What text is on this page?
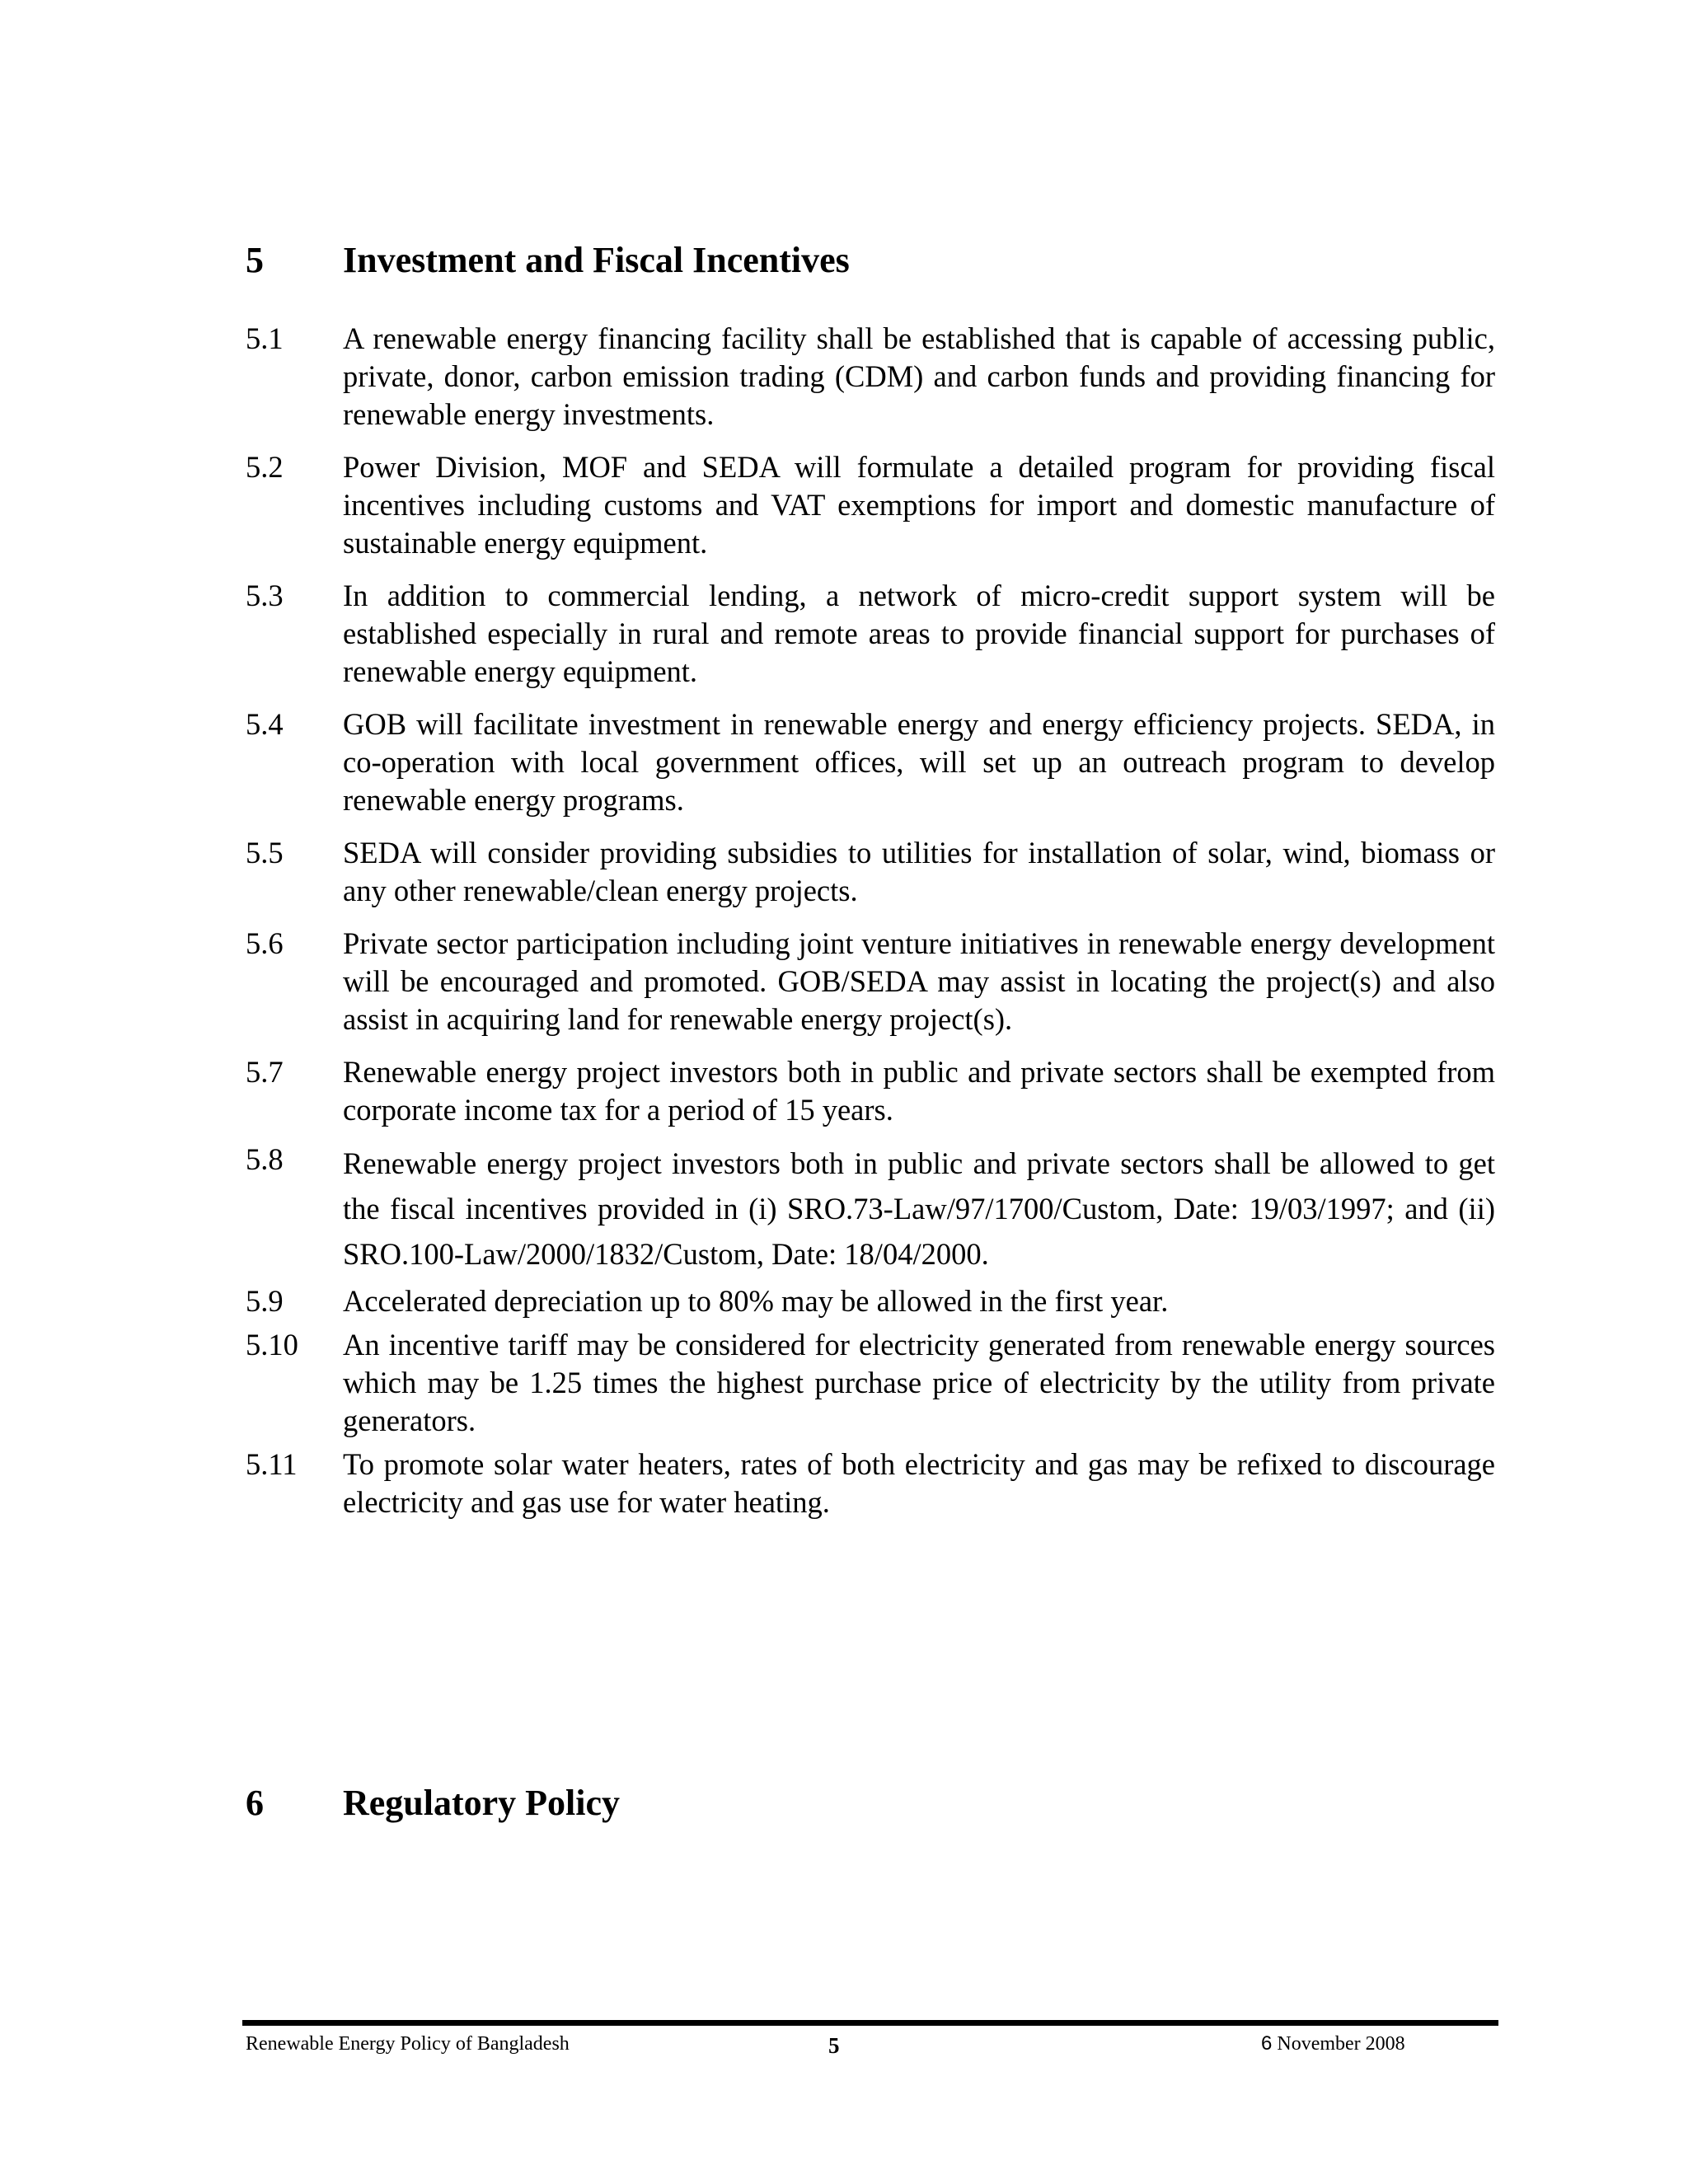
5 Investment and Fiscal Incentives
5.1 A renewable energy financing facility shall be established that is capable of accessing public, private, donor, carbon emission trading (CDM) and carbon funds and providing financing for renewable energy investments.
5.2 Power Division, MOF and SEDA will formulate a detailed program for providing fiscal incentives including customs and VAT exemptions for import and domestic manufacture of sustainable energy equipment.
5.3 In addition to commercial lending, a network of micro-credit support system will be established especially in rural and remote areas to provide financial support for purchases of renewable energy equipment.
5.4 GOB will facilitate investment in renewable energy and energy efficiency projects. SEDA, in co-operation with local government offices, will set up an outreach program to develop renewable energy programs.
5.5 SEDA will consider providing subsidies to utilities for installation of solar, wind, biomass or any other renewable/clean energy projects.
5.6 Private sector participation including joint venture initiatives in renewable energy development will be encouraged and promoted. GOB/SEDA may assist in locating the project(s) and also assist in acquiring land for renewable energy project(s).
5.7 Renewable energy project investors both in public and private sectors shall be exempted from corporate income tax for a period of 15 years.
5.8 Renewable energy project investors both in public and private sectors shall be allowed to get the fiscal incentives provided in (i) SRO.73-Law/97/1700/Custom, Date: 19/03/1997; and (ii) SRO.100-Law/2000/1832/Custom, Date: 18/04/2000.
5.9 Accelerated depreciation up to 80% may be allowed in the first year.
5.10 An incentive tariff may be considered for electricity generated from renewable energy sources which may be 1.25 times the highest purchase price of electricity by the utility from private generators.
5.11 To promote solar water heaters, rates of both electricity and gas may be refixed to discourage electricity and gas use for water heating.
6 Regulatory Policy
Renewable Energy Policy of Bangladesh	5	6 November 2008
